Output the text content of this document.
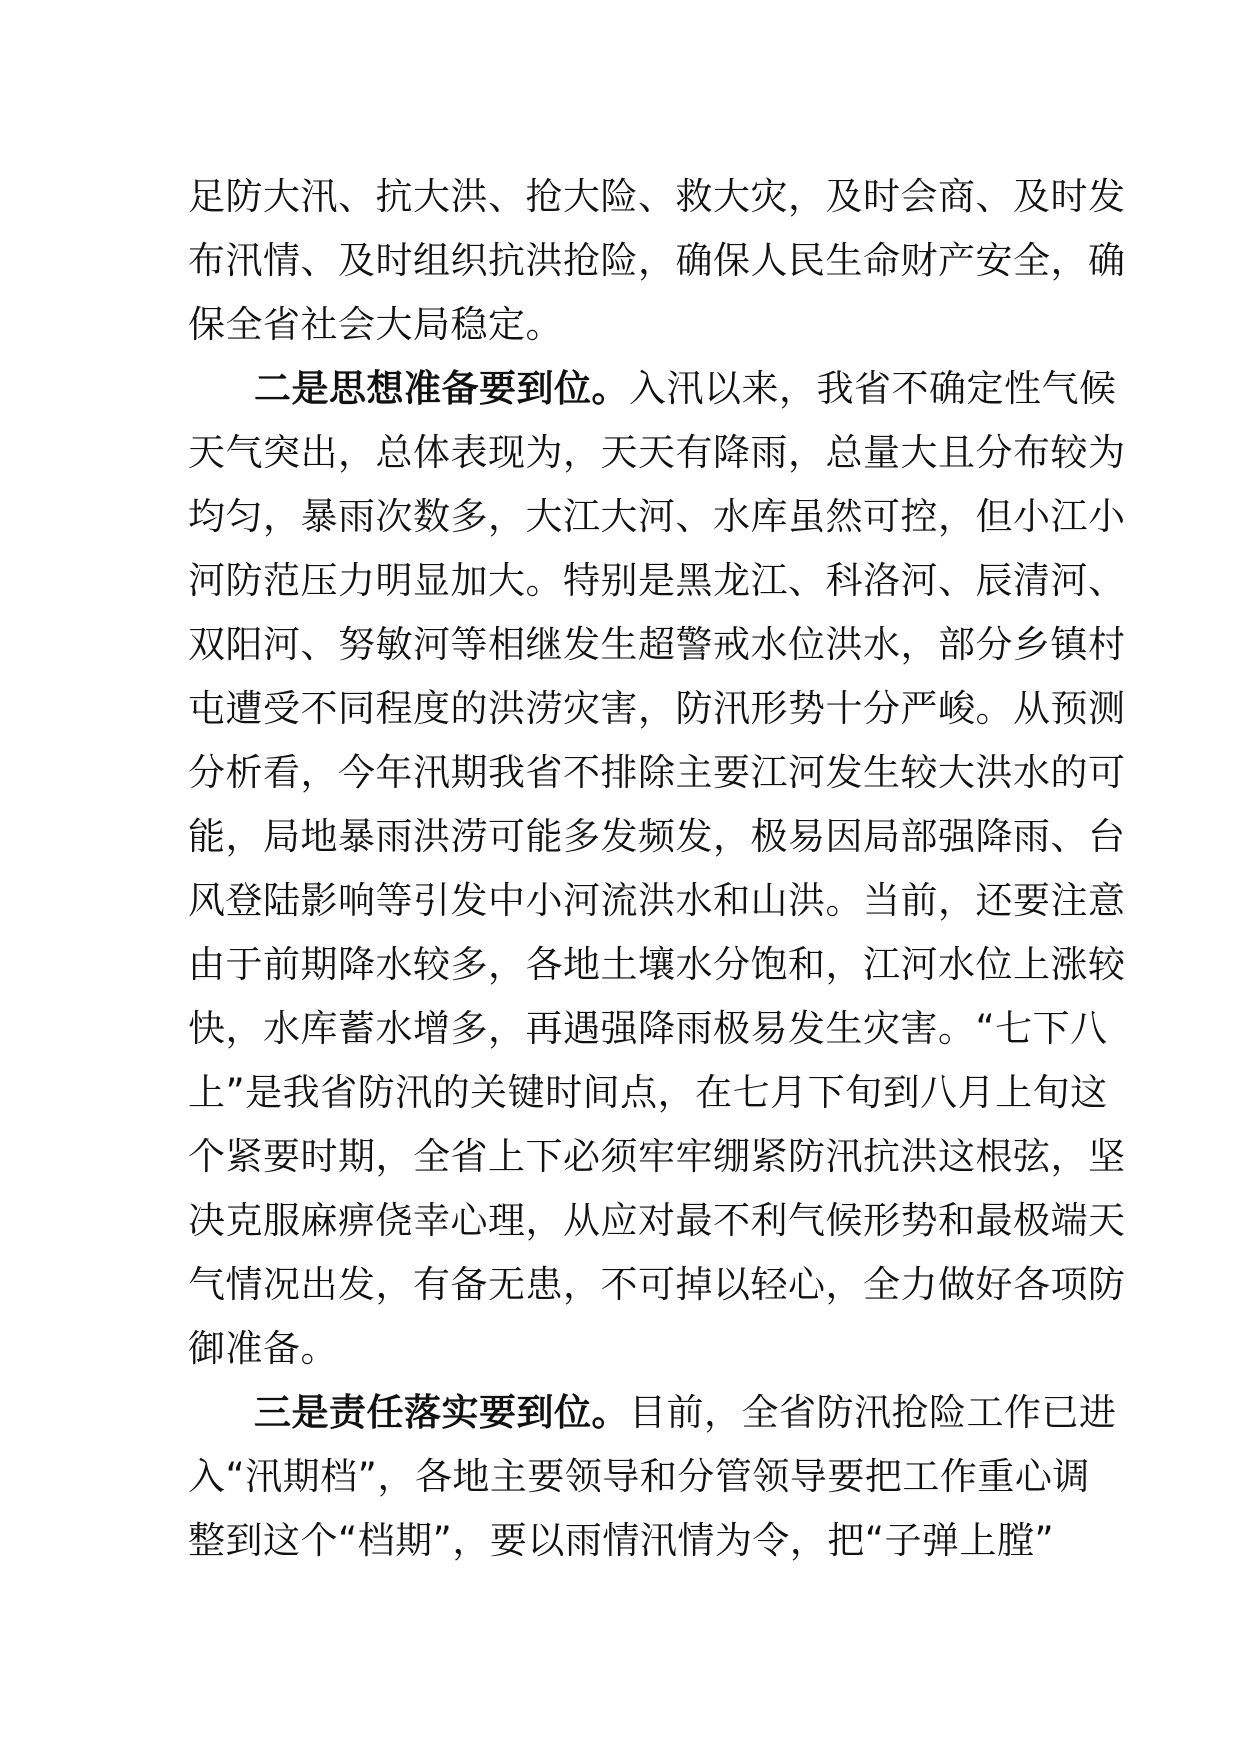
足防大汛、抗大洪、抢大险、救大灾，及时会商、及时发
布汛情、及时组织抗洪抢险，确保人民生命财产安全，确
保全省社会大局稳定。
二是思想准备要到位。入汛以来，我省不确定性气候
天气突出，总体表现为，天天有降雨，总量大且分布较为
均匀，暴雨次数多，大江大河、水库虽然可控，但小江小
河防范压力明显加大。特别是黑龙江、科洛河、辰清河、
双阳河、努敏河等相继发生超警戒水位洪水，部分乡镇村
屯遭受不同程度的洪涝灾害，防汛形势十分严峻。从预测
分析看，今年汛期我省不排除主要江河发生较大洪水的可
能，局地暴雨洪涝可能多发频发，极易因局部强降雨、台
风登陆影响等引发中小河流洪水和山洪。当前，还要注意
由于前期降水较多，各地土壤水分饱和，江河水位上涨较
快，水库蓄水增多，再遇强降雨极易发生灾害。“七下八
上”是我省防汛的关键时间点，在七月下旬到八月上旬这
个紧要时期，全省上下必须牢牢绷紧防汛抗洪这根弦，坚
决克服麻痹侥幸心理，从应对最不利气候形势和最极端天
气情况出发，有备无患，不可掉以轻心，全力做好各项防
御准备。
三是责任落实要到位。目前，全省防汛抢险工作已进
入“汛期档”，各地主要领导和分管领导要把工作重心调
整到这个“档期”，要以雨情汛情为令，把“子弹上膛”
